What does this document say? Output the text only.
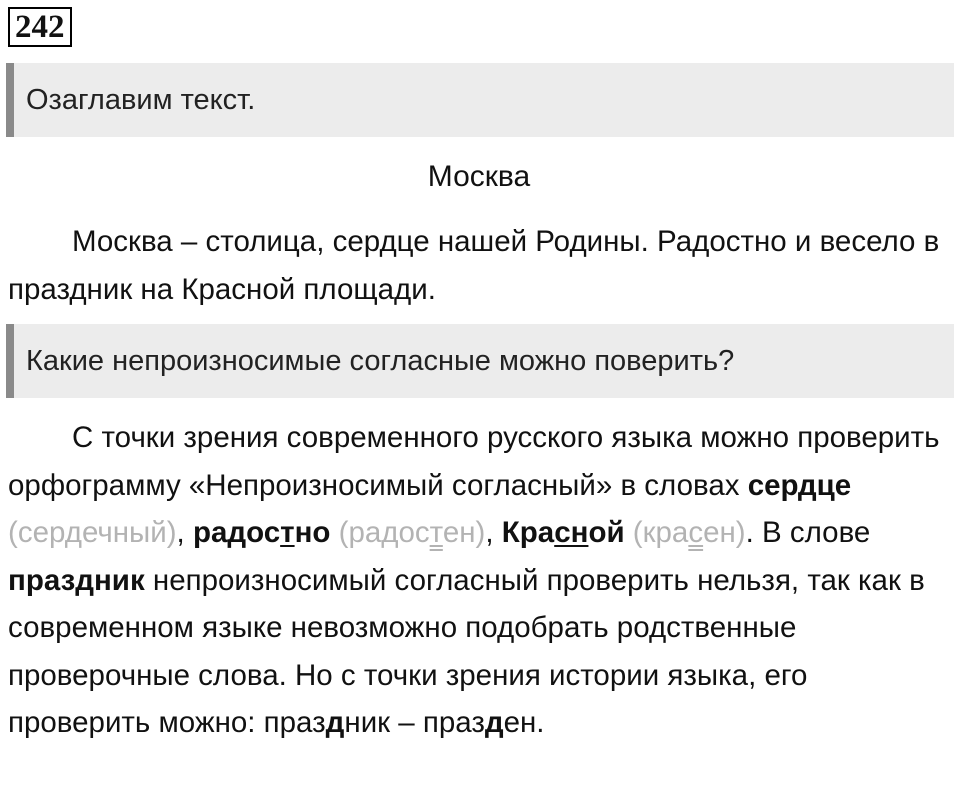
242
Озаглавим текст.
Москва

Москва – столица, сердце нашей Родины. Радостно и весело в праздник на Красной площади.

Какие непроизносимые согласные можно поверить?

С точки зрения современного русского языка можно проверить орфограмму «Непроизносимый согласный» в словах сердце (сердечный), радостно (радостен), Красной (красен). В слове праздник непроизносимый согласный проверить нельзя, так как в современном языке невозможно подобрать родственные проверочные слова. Но с точки зрения истории языка, его проверить можно: праздник – празден.
